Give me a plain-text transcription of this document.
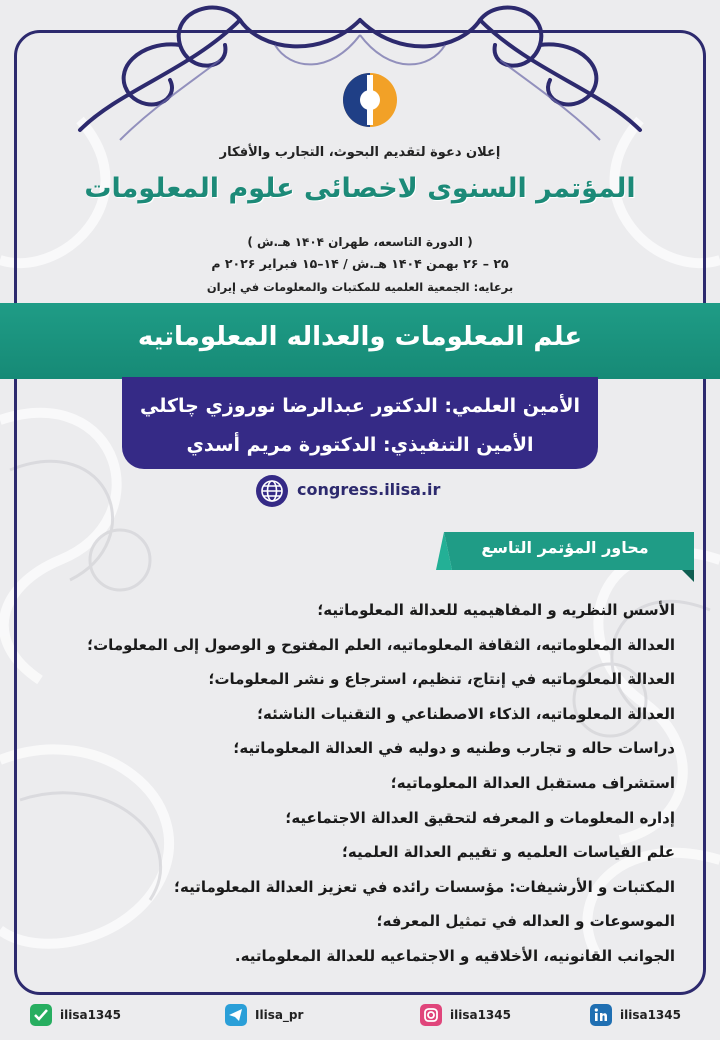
إعلان دعوة لتقديم البحوث، التجارب والأفكار
المؤتمر السنوی لاخصائی علوم المعلومات
( الدورة التاسعه، طهران ۱۴۰۴ هـ.ش )
۲۵ – ۲۶ بهمن ۱۴۰۴ هـ.ش / ۱۴–۱۵ فبراير ۲۰۲۶ م
برعايه: الجمعية العلميه للمكتبات والمعلومات في إيران
علم المعلومات والعداله المعلوماتيه
الأمين العلمي: الدكتور عبدالرضا نوروزي چاكلي
الأمين التنفيذي: الدكتورة مريم أسدي
congress.ilisa.ir
محاور المؤتمر التاسع
الأسس النظريه و المفاهيميه للعدالة المعلوماتيه؛
العدالة المعلوماتيه، الثقافة المعلوماتيه، العلم المفتوح و الوصول إلى المعلومات؛
العدالة المعلوماتيه في إنتاج، تنظيم، استرجاع و نشر المعلومات؛
العدالة المعلوماتيه، الذكاء الاصطناعي و التقنيات الناشئه؛
دراسات حاله و تجارب وطنيه و دوليه في العدالة المعلوماتيه؛
استشراف مستقبل العدالة المعلوماتيه؛
إداره المعلومات و المعرفه لتحقيق العدالة الاجتماعيه؛
علم القياسات العلميه و تقييم العدالة العلميه؛
المكتبات و الأرشيفات: مؤسسات رائده في تعزيز العدالة المعلوماتيه؛
الموسوعات و العداله في تمثيل المعرفه؛
الجوانب القانونيه، الأخلاقيه و الاجتماعيه للعدالة المعلوماتيه.
ilisa1345	Ilisa_pr	ilisa1345	ilisa1345
